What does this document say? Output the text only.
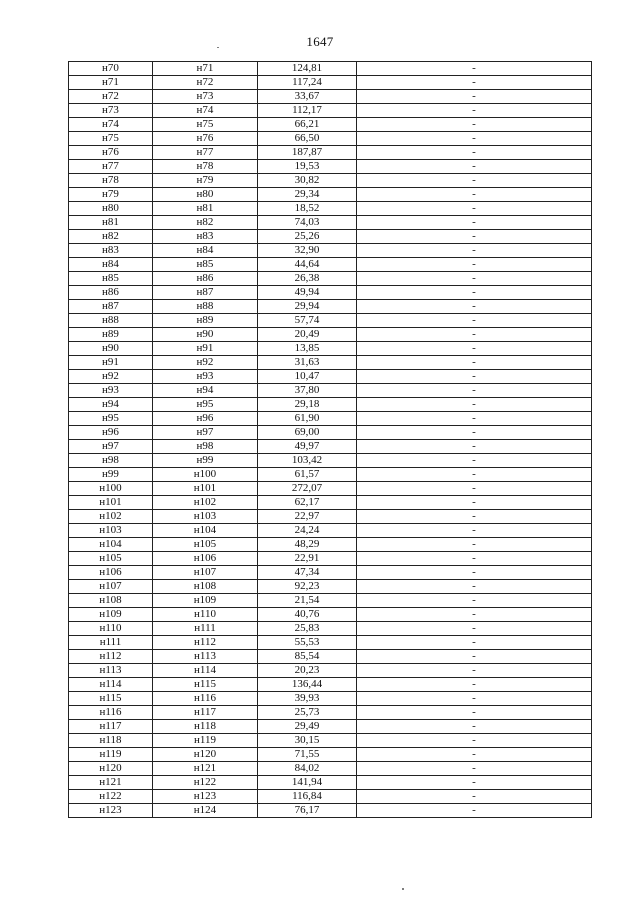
1647
н70	н71	124,81	-
н71	н72	117,24	-
н72	н73	33,67	-
н73	н74	112,17	-
н74	н75	66,21	-
н75	н76	66,50	-
н76	н77	187,87	-
н77	н78	19,53	-
н78	н79	30,82	-
н79	н80	29,34	-
н80	н81	18,52	-
н81	н82	74,03	-
н82	н83	25,26	-
н83	н84	32,90	-
н84	н85	44,64	-
н85	н86	26,38	-
н86	н87	49,94	-
н87	н88	29,94	-
н88	н89	57,74	-
н89	н90	20,49	-
н90	н91	13,85	-
н91	н92	31,63	-
н92	н93	10,47	-
н93	н94	37,80	-
н94	н95	29,18	-
н95	н96	61,90	-
н96	н97	69,00	-
н97	н98	49,97	-
н98	н99	103,42	-
н99	н100	61,57	-
н100	н101	272,07	-
н101	н102	62,17	-
н102	н103	22,97	-
н103	н104	24,24	-
н104	н105	48,29	-
н105	н106	22,91	-
н106	н107	47,34	-
н107	н108	92,23	-
н108	н109	21,54	-
н109	н110	40,76	-
н110	н111	25,83	-
н111	н112	55,53	-
н112	н113	85,54	-
н113	н114	20,23	-
н114	н115	136,44	-
н115	н116	39,93	-
н116	н117	25,73	-
н117	н118	29,49	-
н118	н119	30,15	-
н119	н120	71,55	-
н120	н121	84,02	-
н121	н122	141,94	-
н122	н123	116,84	-
н123	н124	76,17	-
